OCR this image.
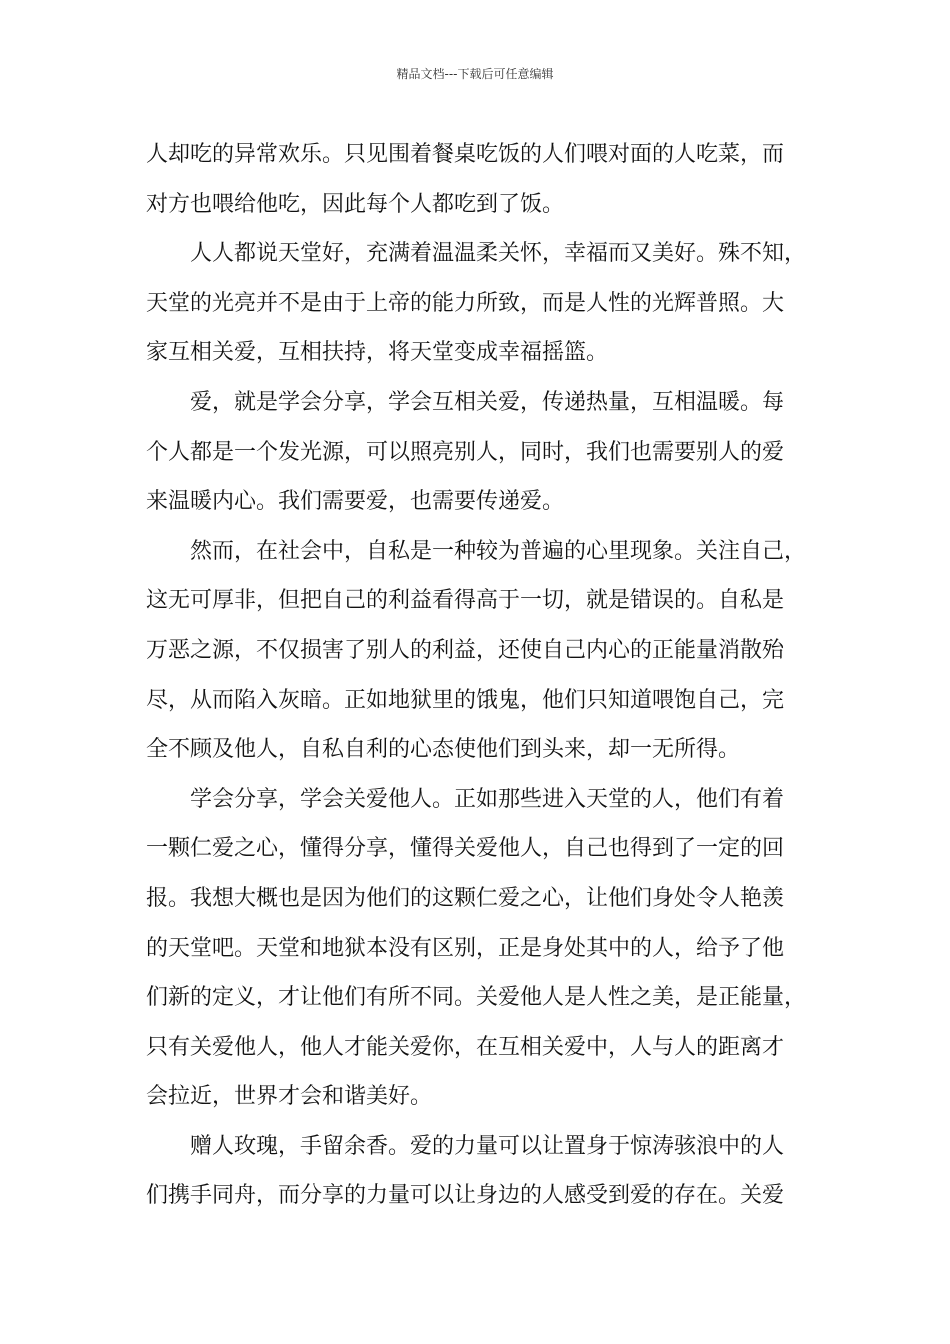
精品文档---下载后可任意编辑
人却吃的异常欢乐。只见围着餐桌吃饭的人们喂对面的人吃菜，而
对方也喂给他吃，因此每个人都吃到了饭。
人人都说天堂好，充满着温温柔关怀，幸福而又美好。殊不知，
天堂的光亮并不是由于上帝的能力所致，而是人性的光辉普照。大
家互相关爱，互相扶持，将天堂变成幸福摇篮。
爱，就是学会分享，学会互相关爱，传递热量，互相温暖。每
个人都是一个发光源，可以照亮别人，同时，我们也需要别人的爱
来温暖内心。我们需要爱，也需要传递爱。
然而，在社会中，自私是一种较为普遍的心里现象。关注自己，
这无可厚非，但把自己的利益看得高于一切，就是错误的。自私是
万恶之源，不仅损害了别人的利益，还使自己内心的正能量消散殆
尽，从而陷入灰暗。正如地狱里的饿鬼，他们只知道喂饱自己，完
全不顾及他人，自私自利的心态使他们到头来，却一无所得。
学会分享，学会关爱他人。正如那些进入天堂的人，他们有着
一颗仁爱之心，懂得分享，懂得关爱他人，自己也得到了一定的回
报。我想大概也是因为他们的这颗仁爱之心，让他们身处令人艳羡
的天堂吧。天堂和地狱本没有区别，正是身处其中的人，给予了他
们新的定义，才让他们有所不同。关爱他人是人性之美，是正能量，
只有关爱他人，他人才能关爱你，在互相关爱中，人与人的距离才
会拉近，世界才会和谐美好。
赠人玫瑰，手留余香。爱的力量可以让置身于惊涛骇浪中的人
们携手同舟，而分享的力量可以让身边的人感受到爱的存在。关爱
